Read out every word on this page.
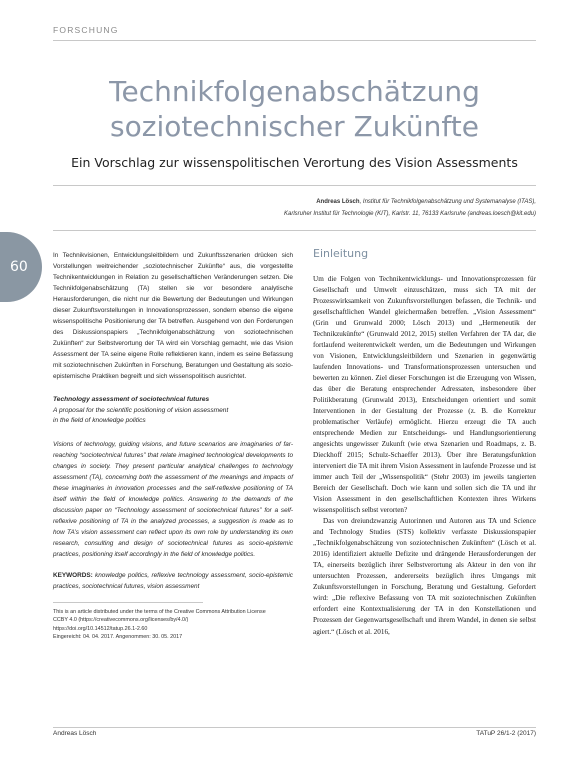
FORSCHUNG
Technikfolgenabschätzung
soziotechnischer Zukünfte
Ein Vorschlag zur wissenspolitischen Verortung des Vision Assessments
Andreas Lösch, Institut für Technikfolgenabschätzung und Systemanalyse (ITAS),
Karlsruher Institut für Technologie (KIT), Karlstr. 11, 76133 Karlsruhe (andreas.loesch@kit.edu)
60

In Technikvisionen, Entwicklungsleitbildern und Zukunftsszenarien drücken sich Vorstellungen weitreichender „soziotechnischer Zukünfte“ aus, die vorgestellte Technikentwicklungen in Relation zu gesellschaftlichen Veränderungen setzen. Die Technikfolgenabschätzung (TA) stellen sie vor besondere analytische Herausforderungen, die nicht nur die Bewertung der Bedeutungen und Wirkungen dieser Zukunftsvorstellungen in Innovationsprozessen, sondern ebenso die eigene wissenspolitische Positionierung der TA betreffen. Ausgehend von den Forderungen des Diskussionspapiers „Technikfolgenabschätzung von soziotechnischen Zukünften“ zur Selbstverortung der TA wird ein Vorschlag gemacht, wie das Vision Assessment der TA seine eigene Rolle reflektieren kann, indem es seine Befassung mit soziotechnischen Zukünften in Forschung, Beratungen und Gestaltung als sozio-epistemische Praktiken begreift und sich wissenspolitisch ausrichtet.

Technology assessment of sociotechnical futures
A proposal for the scientific positioning of vision assessment
in the field of knowledge politics

Visions of technology, guiding visions, and future scenarios are imaginaries of far-reaching “sociotechnical futures” that relate imagined technological developments to changes in society. They present particular analytical challenges to technology assessment (TA), concerning both the assessment of the meanings and impacts of these imaginaries in innovation processes and the self-reflexive positioning of TA itself within the field of knowledge politics. Answering to the demands of the discussion paper on “Technology assessment of sociotechnical futures” for a self-reflexive positioning of TA in the analyzed processes, a suggestion is made as to how TA’s vision assessment can reflect upon its own role by understanding its own research, consulting and design of sociotechnical futures as socio-epistemic practices, positioning itself accordingly in the field of knowledge politics.

KEYWORDS: knowledge politics, reflexive technology assessment, socio-epistemic practices, sociotechnical futures, vision assessment

This is an article distributed under the terms of the Creative Commons Attribution License
CCBY 4.0 (https://creativecommons.org/licenses/by/4.0/)
https://doi.org/10.14512/tatup.26.1-2.60
Eingereicht: 04. 04. 2017. Angenommen: 30. 05. 2017
Einleitung

Um die Folgen von Technikentwicklungs- und Innovationsprozessen für Gesellschaft und Umwelt einzuschätzen, muss sich TA mit der Prozesswirksamkeit von Zukunftsvorstellungen befassen, die Technik- und gesellschaftlichen Wandel gleichermaßen betreffen. „Vision Assessment“ (Grin und Grunwald 2000; Lösch 2013) und „Hermeneutik der Technikzukünfte“ (Grunwald 2012, 2015) stellen Verfahren der TA dar, die fortlaufend weiterentwickelt werden, um die Bedeutungen und Wirkungen von Visionen, Entwicklungsleitbildern und Szenarien in gegenwärtig laufenden Innovations- und Transformationsprozessen untersuchen und bewerten zu können. Ziel dieser Forschungen ist die Erzeugung von Wissen, das über die Beratung entsprechender Adressaten, insbesondere über Politikberatung (Grunwald 2013), Entscheidungen orientiert und somit Interventionen in der Gestaltung der Prozesse (z. B. die Korrektur problematischer Verläufe) ermöglicht. Hierzu erzeugt die TA auch entsprechende Medien zur Entscheidungs- und Handlungsorientierung angesichts ungewisser Zukunft (wie etwa Szenarien und Roadmaps, z. B. Dieckhoff 2015; Schulz-Schaeffer 2013). Über ihre Beratungsfunktion interveniert die TA mit ihrem Vision Assessment in laufende Prozesse und ist immer auch Teil der „Wissenspolitik“ (Stehr 2003) im jeweils tangierten Bereich der Gesellschaft. Doch wie kann und sollen sich die TA und ihr Vision Assessment in den gesellschaftlichen Kontexten ihres Wirkens wissenspolitisch selbst verorten?

Das von dreiundzwanzig Autorinnen und Autoren aus TA und Science and Technology Studies (STS) kollektiv verfasste Diskussionspapier „Technikfolgenabschätzung von soziotechnischen Zukünften“ (Lösch et al. 2016) identifiziert aktuelle Defizite und drängende Herausforderungen der TA, einerseits bezüglich ihrer Selbstverortung als Akteur in den von ihr untersuchten Prozessen, andererseits bezüglich ihres Umgangs mit Zukunftsvorstellungen in Forschung, Beratung und Gestaltung. Gefordert wird: „Die reflexive Befassung von TA mit soziotechnischen Zukünften erfordert eine Kontextualisierung der TA in den Konstellationen und Prozessen der Gegenwartsgesellschaft und ihrem Wandel, in denen sie selbst agiert.“ (Lösch et al. 2016,

Andreas Lösch	TATuP 26/1-2 (2017)
